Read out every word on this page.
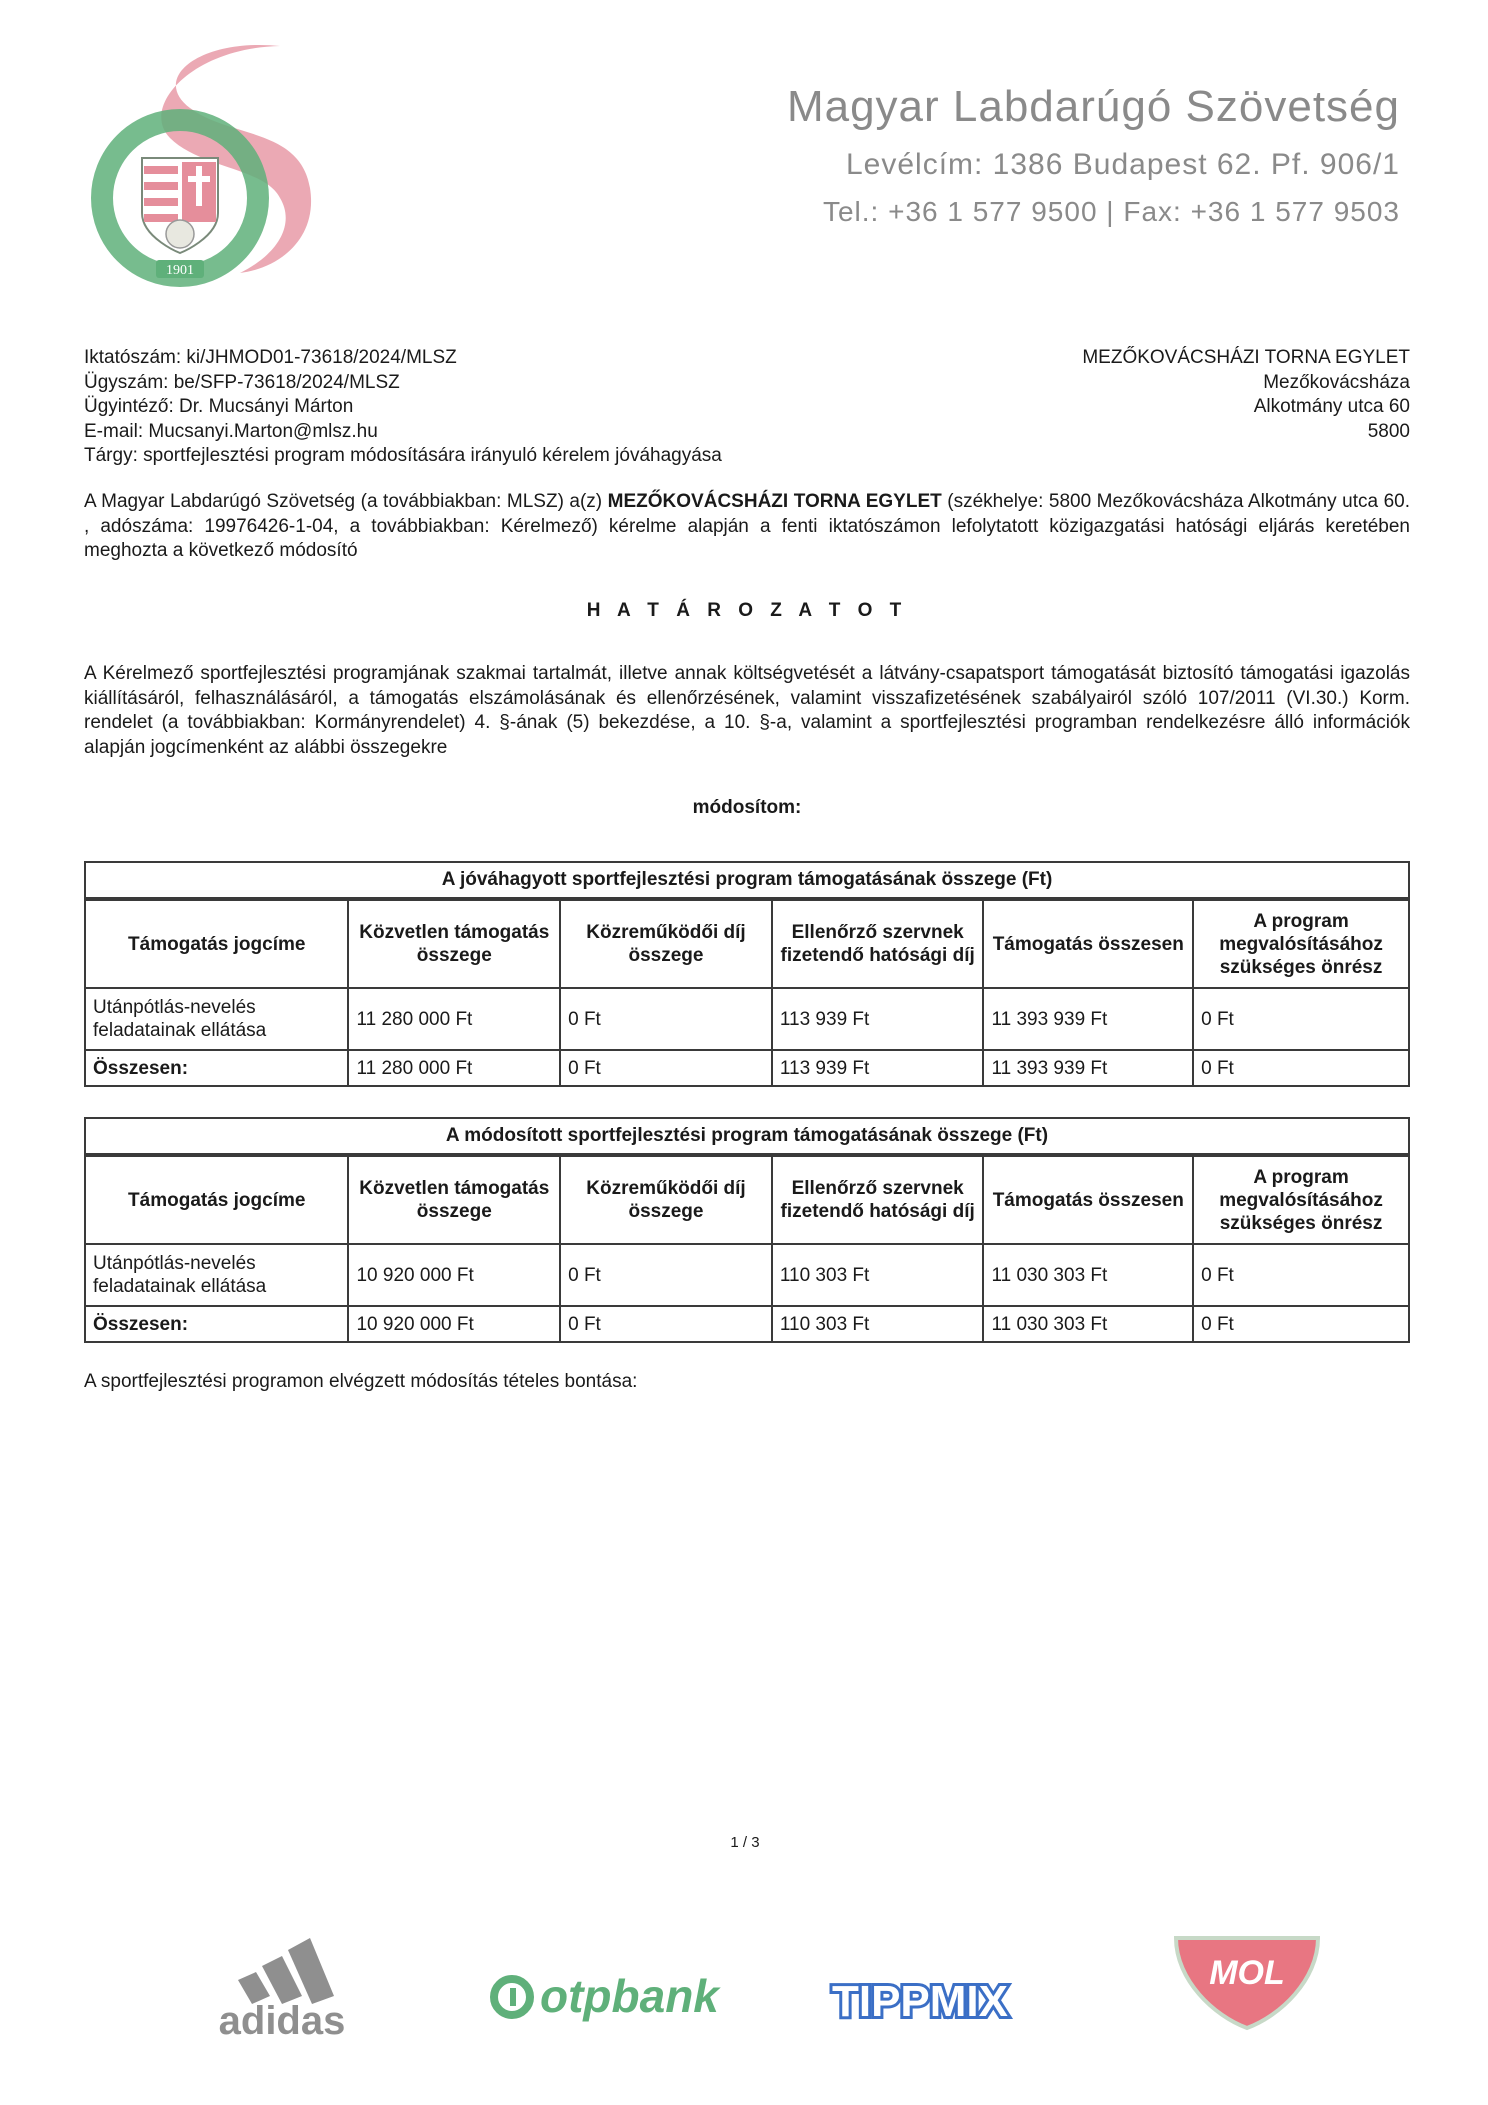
1901
Magyar Labdarúgó Szövetség
Levélcím: 1386 Budapest 62. Pf. 906/1
Tel.: +36 1 577 9500 | Fax: +36 1 577 9503
Iktatószám: ki/JHMOD01-73618/2024/MLSZ
Ügyszám: be/SFP-73618/2024/MLSZ
Ügyintéző: Dr. Mucsányi Márton
E-mail: Mucsanyi.Marton@mlsz.hu
Tárgy: sportfejlesztési program módosítására irányuló kérelem jóváhagyása
MEZŐKOVÁCSHÁZI TORNA EGYLET
Mezőkovácsháza
Alkotmány utca 60
5800
A Magyar Labdarúgó Szövetség (a továbbiakban: MLSZ) a(z) MEZŐKOVÁCSHÁZI TORNA EGYLET (székhelye: 5800 Mezőkovácsháza Alkotmány utca 60. , adószáma: 19976426-1-04, a továbbiakban: Kérelmező) kérelme alapján a fenti iktatószámon lefolytatott közigazgatási hatósági eljárás keretében meghozta a következő módosító
H A T Á R O Z A T O T
A Kérelmező sportfejlesztési programjának szakmai tartalmát, illetve annak költségvetését a látvány-csapatsport támogatását biztosító támogatási igazolás kiállításáról, felhasználásáról, a támogatás elszámolásának és ellenőrzésének, valamint visszafizetésének szabályairól szóló 107/2011 (VI.30.) Korm. rendelet (a továbbiakban: Kormányrendelet) 4. §-ának (5) bekezdése, a 10. §-a, valamint a sportfejlesztési programban rendelkezésre álló információk alapján jogcímenként az alábbi összegekre
módosítom:
A jóváhagyott sportfejlesztési program támogatásának összege (Ft)
Támogatás jogcíme	Közvetlen támogatás összege	Közreműködői díj összege	Ellenőrző szervnek fizetendő hatósági díj	Támogatás összesen	A program megvalósításához szükséges önrész
Utánpótlás-nevelés feladatainak ellátása	11 280 000 Ft	0 Ft	113 939 Ft	11 393 939 Ft	0 Ft
Összesen:	11 280 000 Ft	0 Ft	113 939 Ft	11 393 939 Ft	0 Ft
A módosított sportfejlesztési program támogatásának összege (Ft)
Támogatás jogcíme	Közvetlen támogatás összege	Közreműködői díj összege	Ellenőrző szervnek fizetendő hatósági díj	Támogatás összesen	A program megvalósításához szükséges önrész
Utánpótlás-nevelés feladatainak ellátása	10 920 000 Ft	0 Ft	110 303 Ft	11 030 303 Ft	0 Ft
Összesen:	10 920 000 Ft	0 Ft	110 303 Ft	11 030 303 Ft	0 Ft
A sportfejlesztési programon elvégzett módosítás tételes bontása:
1 / 3
adidas	otpbank	TIPPMIX
MOL
